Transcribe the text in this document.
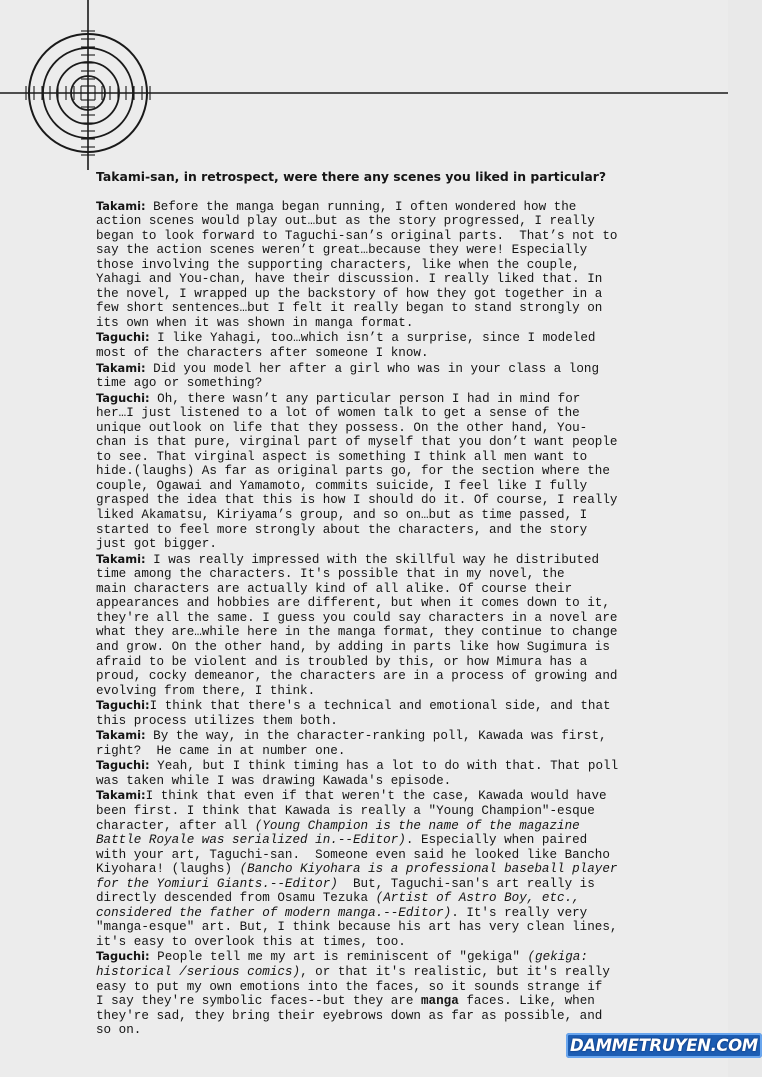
Takami-san, in retrospect, were there any scenes you liked in particular?
Takami: Before the manga began running, I often wondered how the
action scenes would play out…but as the story progressed, I really
began to look forward to Taguchi-san’s original parts.  That’s not to
say the action scenes weren’t great…because they were! Especially
those involving the supporting characters, like when the couple,
Yahagi and You-chan, have their discussion. I really liked that. In
the novel, I wrapped up the backstory of how they got together in a
few short sentences…but I felt it really began to stand strongly on
its own when it was shown in manga format.
Taguchi: I like Yahagi, too…which isn’t a surprise, since I modeled
most of the characters after someone I know.
Takami: Did you model her after a girl who was in your class a long
time ago or something?
Taguchi: Oh, there wasn’t any particular person I had in mind for
her…I just listened to a lot of women talk to get a sense of the
unique outlook on life that they possess. On the other hand, You-
chan is that pure, virginal part of myself that you don’t want people
to see. That virginal aspect is something I think all men want to
hide.(laughs) As far as original parts go, for the section where the
couple, Ogawai and Yamamoto, commits suicide, I feel like I fully
grasped the idea that this is how I should do it. Of course, I really
liked Akamatsu, Kiriyama’s group, and so on…but as time passed, I
started to feel more strongly about the characters, and the story
just got bigger.
Takami: I was really impressed with the skillful way he distributed
time among the characters. It's possible that in my novel, the
main characters are actually kind of all alike. Of course their
appearances and hobbies are different, but when it comes down to it,
they're all the same. I guess you could say characters in a novel are
what they are…while here in the manga format, they continue to change
and grow. On the other hand, by adding in parts like how Sugimura is
afraid to be violent and is troubled by this, or how Mimura has a
proud, cocky demeanor, the characters are in a process of growing and
evolving from there, I think.
Taguchi:I think that there's a technical and emotional side, and that
this process utilizes them both.
Takami: By the way, in the character-ranking poll, Kawada was first,
right?  He came in at number one.
Taguchi: Yeah, but I think timing has a lot to do with that. That poll
was taken while I was drawing Kawada's episode.
Takami:I think that even if that weren't the case, Kawada would have
been first. I think that Kawada is really a "Young Champion"-esque
character, after all (Young Champion is the name of the magazine
Battle Royale was serialized in.--Editor). Especially when paired
with your art, Taguchi-san.  Someone even said he looked like Bancho
Kiyohara! (laughs) (Bancho Kiyohara is a professional baseball player
for the Yomiuri Giants.--Editor)  But, Taguchi-san's art really is
directly descended from Osamu Tezuka (Artist of Astro Boy, etc.,
considered the father of modern manga.--Editor). It's really very
"manga-esque" art. But, I think because his art has very clean lines,
it's easy to overlook this at times, too.
Taguchi: People tell me my art is reminiscent of "gekiga" (gekiga:
historical /serious comics), or that it's realistic, but it's really
easy to put my own emotions into the faces, so it sounds strange if
I say they're symbolic faces--but they are manga faces. Like, when
they're sad, they bring their eyebrows down as far as possible, and
so on.
DAMMETRUYEN.COM
